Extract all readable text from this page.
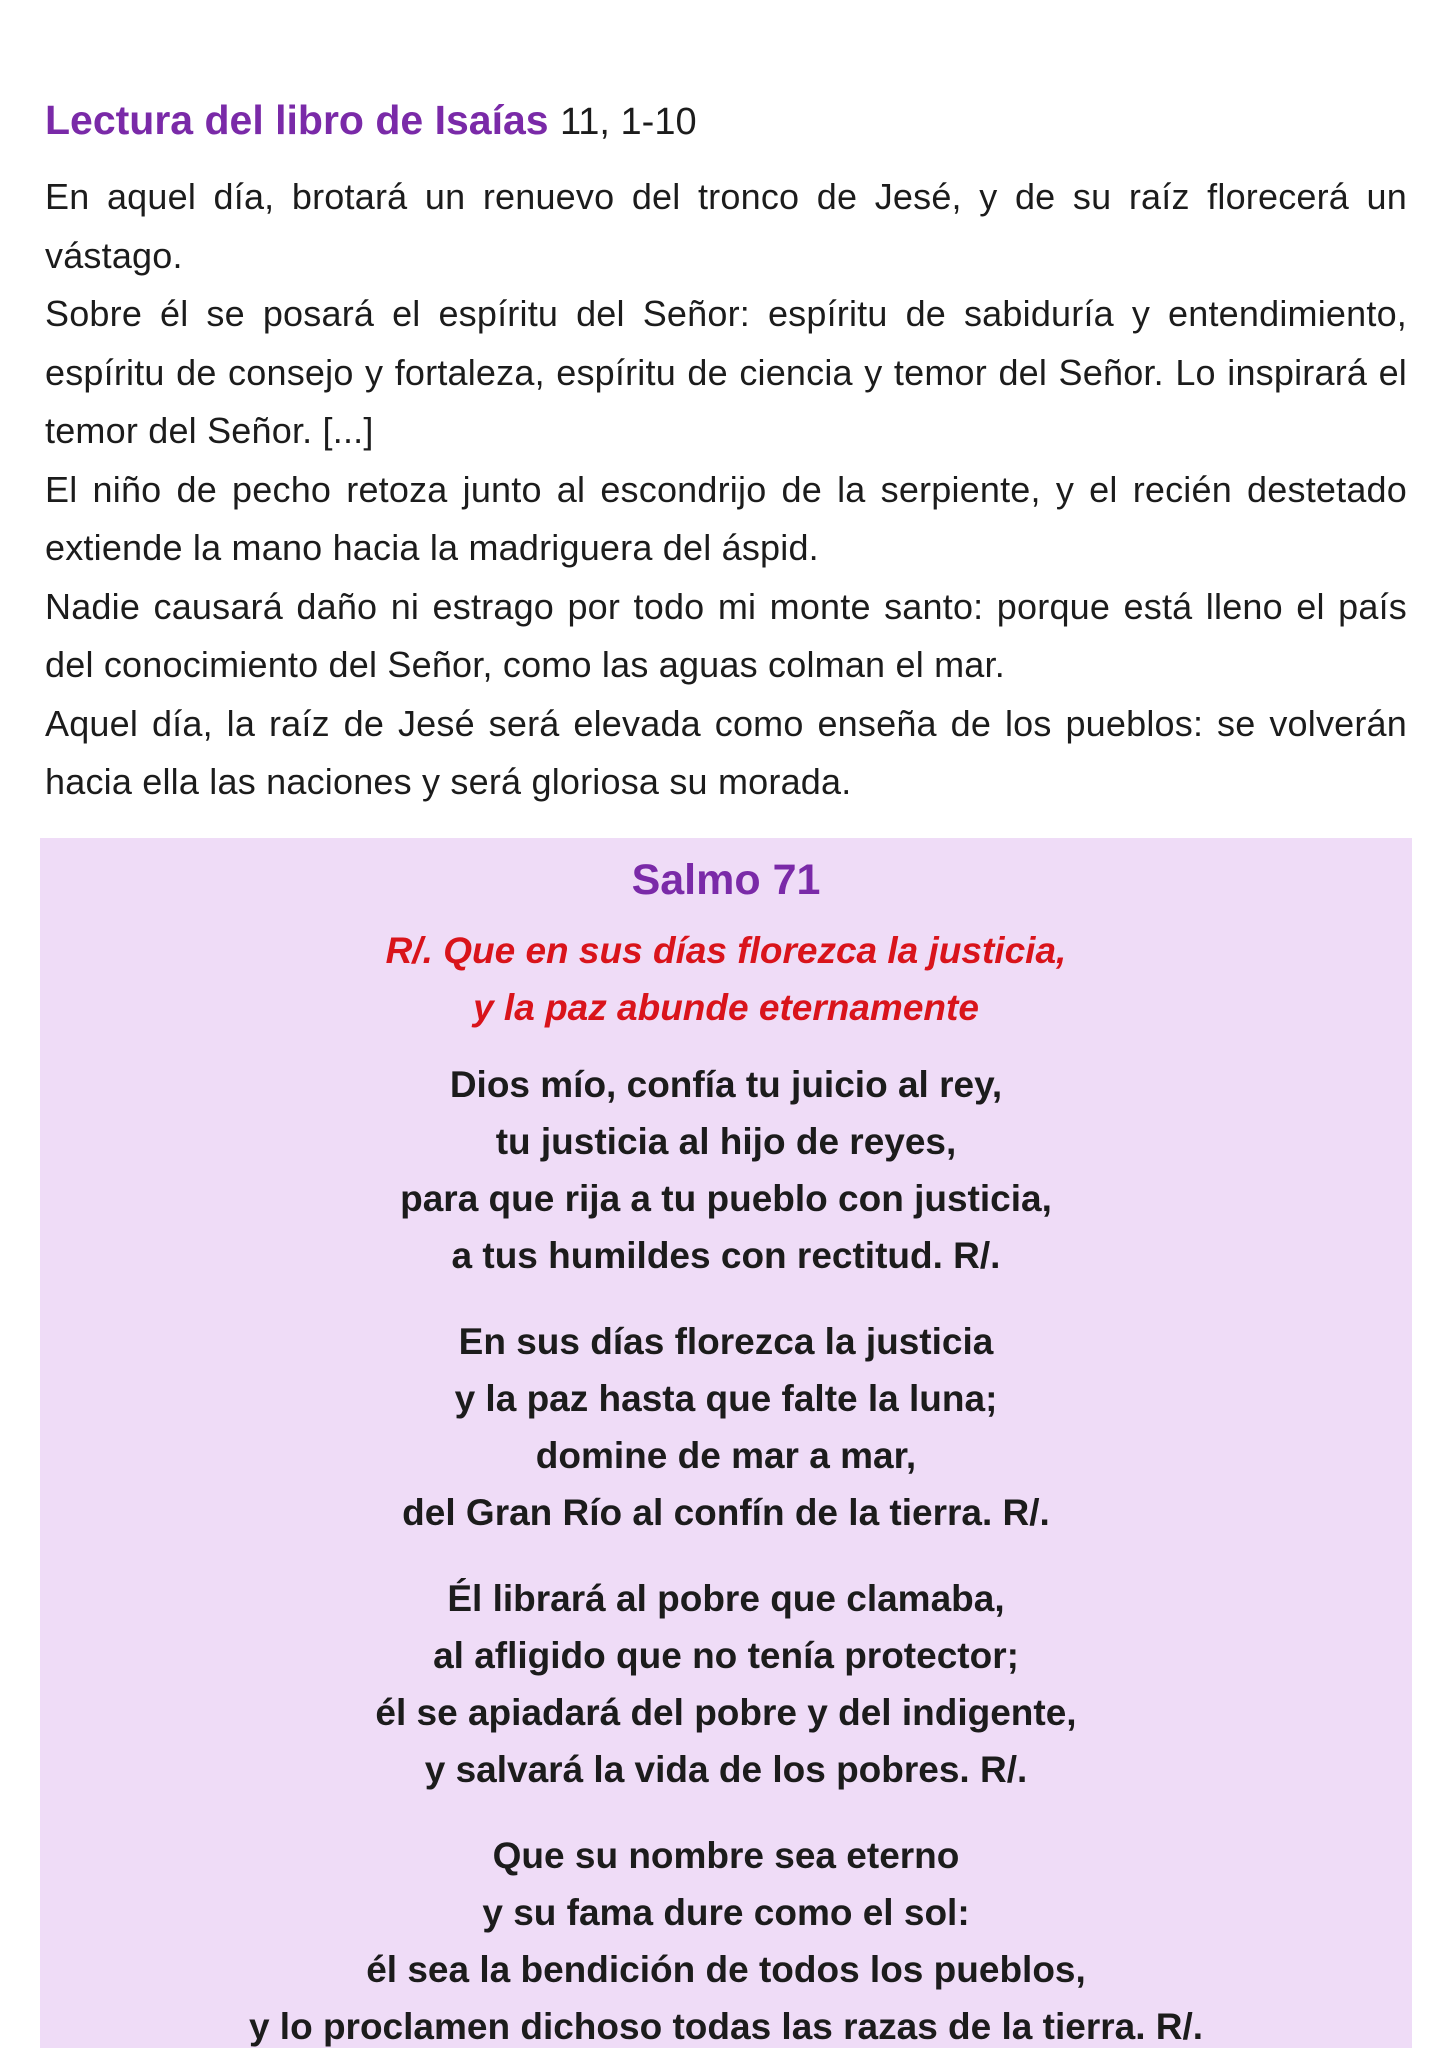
Lectura del libro de Isaías 11, 1-10

En aquel día, brotará un renuevo del tronco de Jesé, y de su raíz florecerá un vástago.

Sobre él se posará el espíritu del Señor: espíritu de sabiduría y entendimiento, espíritu de consejo y fortaleza, espíritu de ciencia y temor del Señor. Lo inspirará el temor del Señor. [...]

El niño de pecho retoza junto al escondrijo de la serpiente, y el recién destetado extiende la mano hacia la madriguera del áspid.

Nadie causará daño ni estrago por todo mi monte santo: porque está lleno el país del conocimiento del Señor, como las aguas colman el mar.

Aquel día, la raíz de Jesé será elevada como enseña de los pueblos: se volverán hacia ella las naciones y será gloriosa su morada.

Salmo 71
R/. Que en sus días florezca la justicia,
y la paz abunde eternamente
Dios mío, confía tu juicio al rey,
tu justicia al hijo de reyes,
para que rija a tu pueblo con justicia,
a tus humildes con rectitud. R/.
En sus días florezca la justicia
y la paz hasta que falte la luna;
domine de mar a mar,
del Gran Río al confín de la tierra. R/.
Él librará al pobre que clamaba,
al afligido que no tenía protector;
él se apiadará del pobre y del indigente,
y salvará la vida de los pobres. R/.
Que su nombre sea eterno
y su fama dure como el sol:
él sea la bendición de todos los pueblos,
y lo proclamen dichoso todas las razas de la tierra. R/.
